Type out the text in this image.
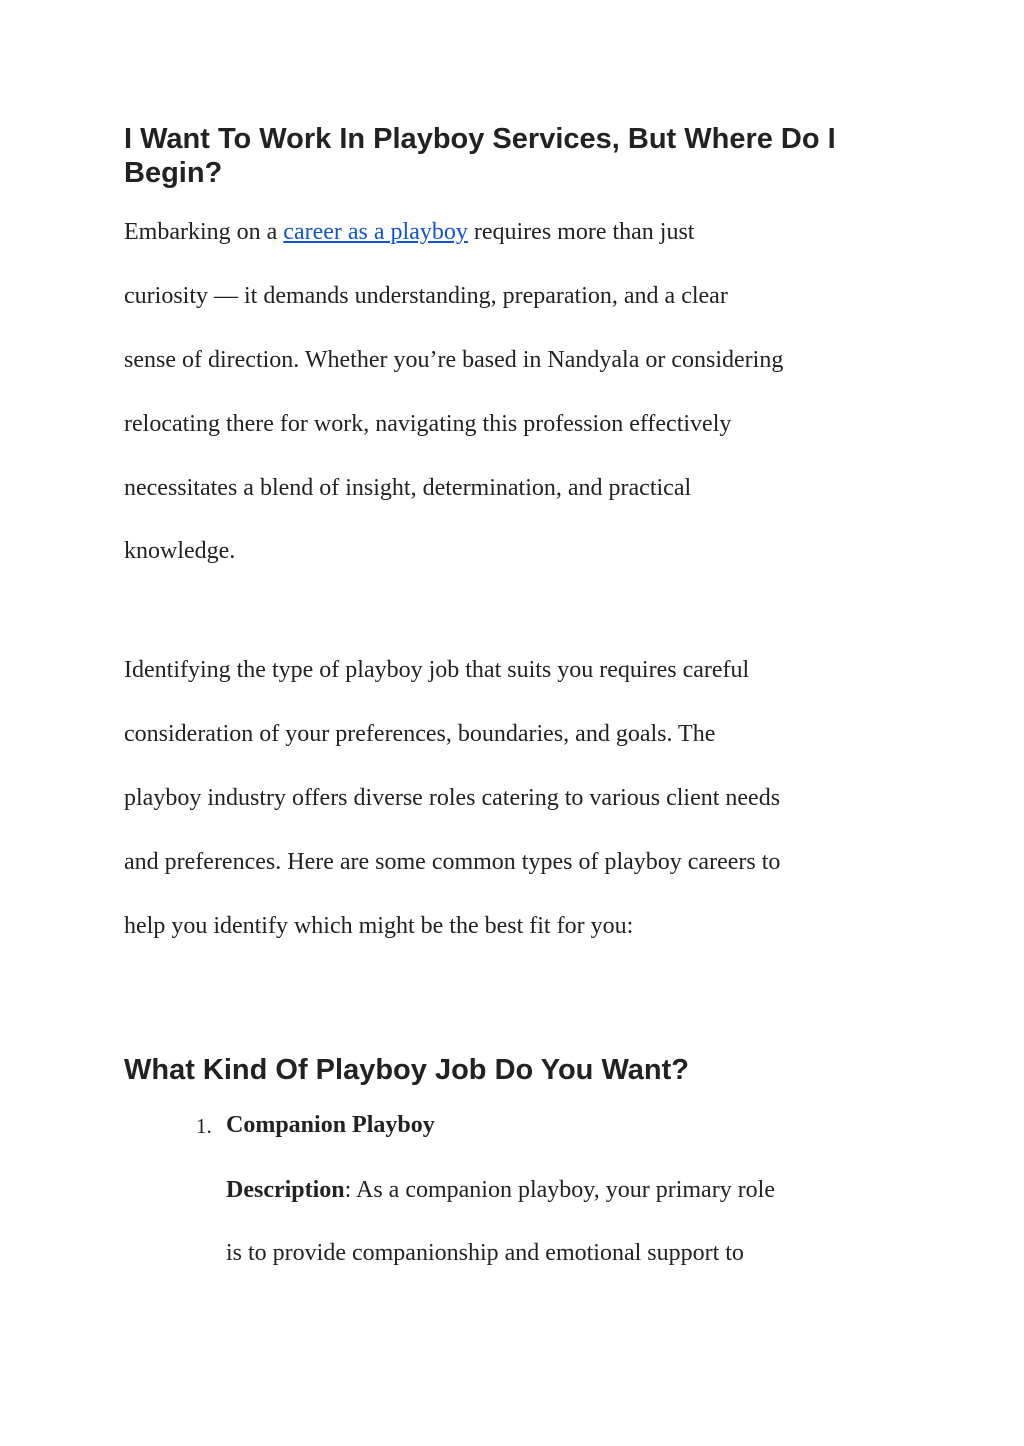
I Want To Work In Playboy Services, But Where Do I Begin?
Embarking on a career as a playboy requires more than just
curiosity — it demands understanding, preparation, and a clear
sense of direction. Whether you’re based in Nandyala or considering
relocating there for work, navigating this profession effectively
necessitates a blend of insight, determination, and practical
knowledge.
Identifying the type of playboy job that suits you requires careful
consideration of your preferences, boundaries, and goals. The
playboy industry offers diverse roles catering to various client needs
and preferences. Here are some common types of playboy careers to
help you identify which might be the best fit for you:
What Kind Of Playboy Job Do You Want?
1. Companion Playboy
Description: As a companion playboy, your primary role
is to provide companionship and emotional support to
